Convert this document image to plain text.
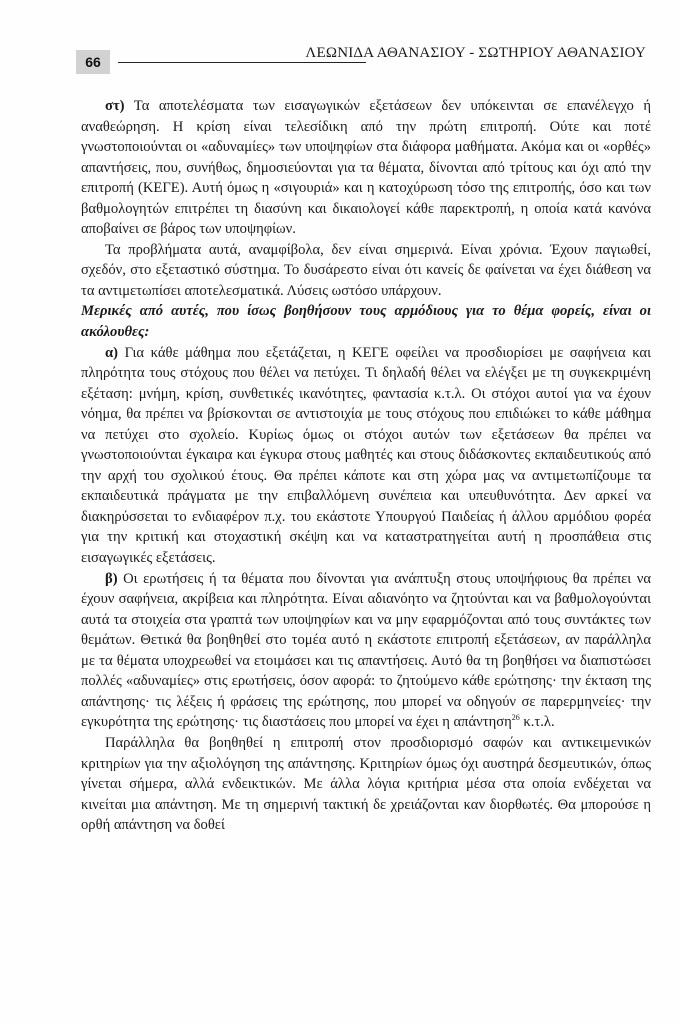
66
ΛΕΩΝΙΔΑ ΑΘΑΝΑΣΙΟΥ - ΣΩΤΗΡΙΟΥ ΑΘΑΝΑΣΙΟΥ

στ) Τα αποτελέσματα των εισαγωγικών εξετάσεων δεν υπόκεινται σε επανέλεγχο ή αναθεώρηση. Η κρίση είναι τελεσίδικη από την πρώτη επιτροπή. Ούτε και ποτέ γνωστοποιούνται οι «αδυναμίες» των υποψηφίων στα διάφορα μαθήματα. Ακόμα και οι «ορθές» απαντήσεις, που, συνήθως, δημοσιεύονται για τα θέματα, δίνονται από τρίτους και όχι από την επιτροπή (ΚΕΓΕ). Αυτή όμως η «σιγουριά» και η κατοχύρωση τόσο της επιτροπής, όσο και των βαθμολογητών επιτρέπει τη διασύνη και δικαιολογεί κάθε παρεκτροπή, η οποία κατά κανόνα αποβαίνει σε βάρος των υποψηφίων.

Τα προβλήματα αυτά, αναμφίβολα, δεν είναι σημερινά. Είναι χρόνια. Έχουν παγιωθεί, σχεδόν, στο εξεταστικό σύστημα. Το δυσάρεστο είναι ότι κανείς δε φαίνεται να έχει διάθεση να τα αντιμετωπίσει αποτελεσματικά. Λύσεις ωστόσο υπάρχουν.

Μερικές από αυτές, που ίσως βοηθήσουν τους αρμόδιους για το θέμα φορείς, είναι οι ακόλουθες:

α) Για κάθε μάθημα που εξετάζεται, η ΚΕΓΕ οφείλει να προσδιορίσει με σαφήνεια και πληρότητα τους στόχους που θέλει να πετύχει. Τι δηλαδή θέλει να ελέγξει με τη συγκεκριμένη εξέταση: μνήμη, κρίση, συνθετικές ικανότητες, φαντασία κ.τ.λ. Οι στόχοι αυτοί για να έχουν νόημα, θα πρέπει να βρίσκονται σε αντιστοιχία με τους στόχους που επιδιώκει το κάθε μάθημα να πετύχει στο σχολείο. Κυρίως όμως οι στόχοι αυτών των εξετάσεων θα πρέπει να γνωστοποιούνται έγκαιρα και έγκυρα στους μαθητές και στους διδάσκοντες εκπαιδευτικούς από την αρχή του σχολικού έτους. Θα πρέπει κάποτε και στη χώρα μας να αντιμετωπίζουμε τα εκπαιδευτικά πράγματα με την επιβαλλόμενη συνέπεια και υπευθυνότητα. Δεν αρκεί να διακηρύσσεται το ενδιαφέρον π.χ. του εκάστοτε Υπουργού Παιδείας ή άλλου αρμόδιου φορέα για την κριτική και στοχαστική σκέψη και να καταστρατηγείται αυτή η προσπάθεια στις εισαγωγικές εξετάσεις.

β) Οι ερωτήσεις ή τα θέματα που δίνονται για ανάπτυξη στους υποψήφιους θα πρέπει να έχουν σαφήνεια, ακρίβεια και πληρότητα. Είναι αδιανόητο να ζητούνται και να βαθμολογούνται αυτά τα στοιχεία στα γραπτά των υποψηφίων και να μην εφαρμόζονται από τους συντάκτες των θεμάτων. Θετικά θα βοηθηθεί στο τομέα αυτό η εκάστοτε επιτροπή εξετάσεων, αν παράλληλα με τα θέματα υποχρεωθεί να ετοιμάσει και τις απαντήσεις. Αυτό θα τη βοηθήσει να διαπιστώσει πολλές «αδυναμίες» στις ερωτήσεις, όσον αφορά: το ζητούμενο κάθε ερώτησης· την έκταση της απάντησης· τις λέξεις ή φράσεις της ερώτησης, που μπορεί να οδηγούν σε παρερμηνείες· την εγκυρότητα της ερώτησης· τις διαστάσεις που μπορεί να έχει η απάντηση$^{26}$ κ.τ.λ.

Παράλληλα θα βοηθηθεί η επιτροπή στον προσδιορισμό σαφών και αντικειμενικών κριτηρίων για την αξιολόγηση της απάντησης. Κριτηρίων όμως όχι αυστηρά δεσμευτικών, όπως γίνεται σήμερα, αλλά ενδεικτικών. Με άλλα λόγια κριτήρια μέσα στα οποία ενδέχεται να κινείται μια απάντηση. Με τη σημερινή τακτική δε χρειάζονται καν διορθωτές. Θα μπορούσε η ορθή απάντηση να δοθεί
